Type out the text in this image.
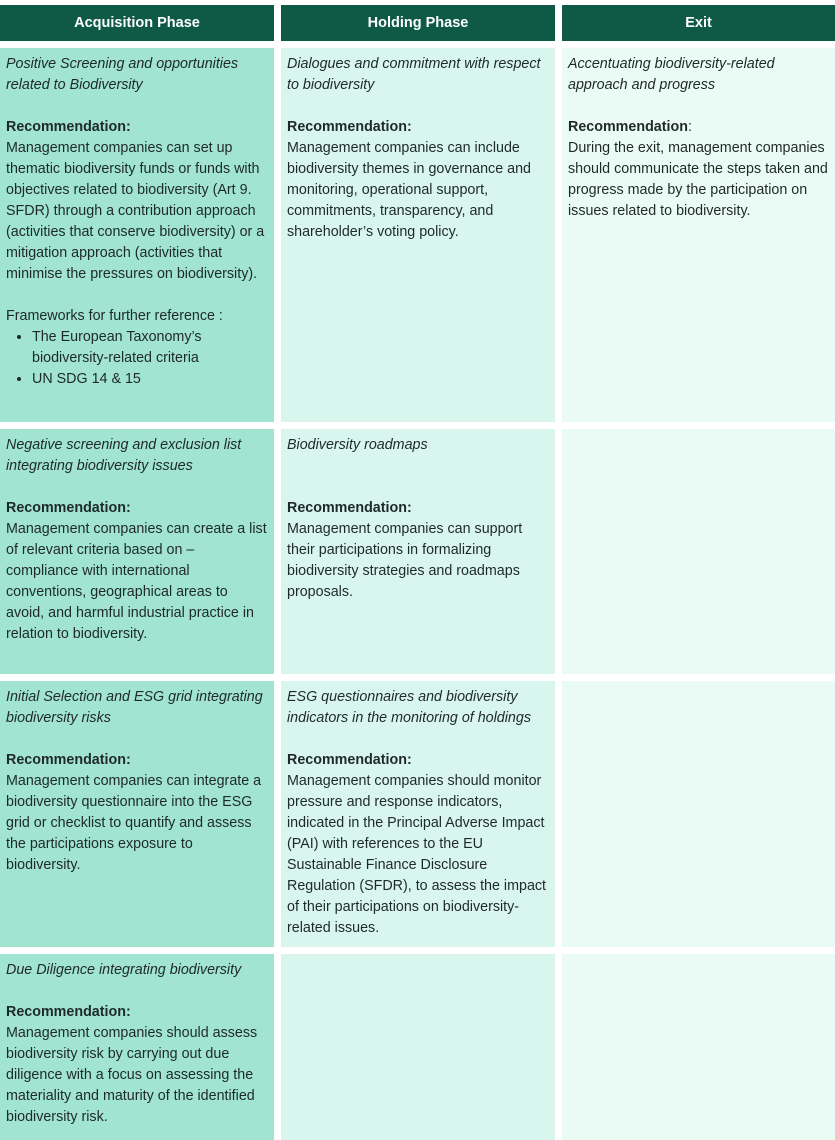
Acquisition Phase	Holding Phase	Exit
Positive Screening and opportunities related to Biodiversity
Recommendation:
Management companies can set up thematic biodiversity funds or funds with objectives related to biodiversity (Art 9. SFDR) through a contribution approach (activities that conserve biodiversity) or a mitigation approach (activities that minimise the pressures on biodiversity).
Frameworks for further reference :
• The European Taxonomy’s biodiversity-related criteria
• UN SDG 14 & 15
Dialogues and commitment with respect to biodiversity
Recommendation:
Management companies can include biodiversity themes in governance and monitoring, operational support, commitments, transparency, and shareholder’s voting policy.
Accentuating biodiversity-related approach and progress
Recommendation:
During the exit, management companies should communicate the steps taken and progress made by the participation on issues related to biodiversity.
Negative screening and exclusion list integrating biodiversity issues
Recommendation:
Management companies can create a list of relevant criteria based on – compliance with international conventions, geographical areas to avoid, and harmful industrial practice in relation to biodiversity.
Biodiversity roadmaps
Recommendation:
Management companies can support their participations in formalizing biodiversity strategies and roadmaps proposals.
Initial Selection and ESG grid integrating biodiversity risks
Recommendation:
Management companies can integrate a biodiversity questionnaire into the ESG grid or checklist to quantify and assess the participations exposure to biodiversity.
ESG questionnaires and biodiversity indicators in the monitoring of holdings
Recommendation:
Management companies should monitor pressure and response indicators, indicated in the Principal Adverse Impact (PAI) with references to the EU Sustainable Finance Disclosure Regulation (SFDR), to assess the impact of their participations on biodiversity-related issues.
Due Diligence integrating biodiversity
Recommendation:
Management companies should assess biodiversity risk by carrying out due diligence with a focus on assessing the materiality and maturity of the identified biodiversity risk.
